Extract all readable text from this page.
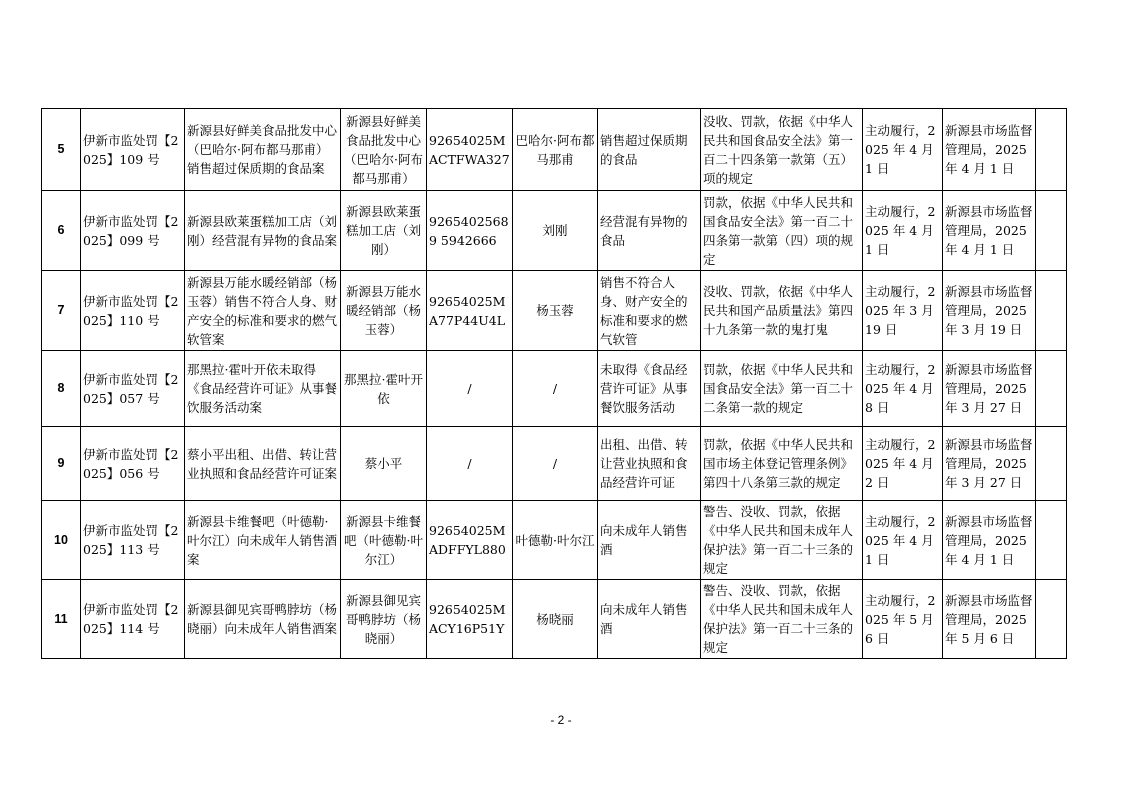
5	伊新市监处罚【2025】109 号	新源县好鲜美食品批发中心（巴哈尔·阿布都马那甫）销售超过保质期的食品案	新源县好鲜美食品批发中心（巴哈尔·阿布都马那甫）	92654025MACTFWA327	巴哈尔·阿布都马那甫	销售超过保质期的食品	没收、罚款，依据《中华人民共和国食品安全法》第一百二十四条第一款第（五）项的规定	主动履行，2025 年 4 月 1 日	新源县市场监督管理局，2025 年 4 月 1 日	
6	伊新市监处罚【2025】099 号	新源县欧莱蛋糕加工店（刘刚）经营混有异物的食品案	新源县欧莱蛋糕加工店（刘刚）	92654025689 5942666	刘刚	经营混有异物的食品	罚款，依据《中华人民共和国食品安全法》第一百二十四条第一款第（四）项的规定	主动履行，2025 年 4 月 1 日	新源县市场监督管理局，2025 年 4 月 1 日	
7	伊新市监处罚【2025】110 号	新源县万能水暖经销部（杨玉蓉）销售不符合人身、财产安全的标准和要求的燃气软管案	新源县万能水暖经销部（杨玉蓉）	92654025MA77P44U4L	杨玉蓉	销售不符合人身、财产安全的标准和要求的燃气软管	没收、罚款，依据《中华人民共和国产品质量法》第四十九条第一款的鬼打鬼	主动履行，2025 年 3 月 19 日	新源县市场监督管理局，2025 年 3 月 19 日	
8	伊新市监处罚【2025】057 号	那黑拉·霍叶开依未取得《食品经营许可证》从事餐饮服务活动案	那黑拉·霍叶开依	/	/	未取得《食品经营许可证》从事餐饮服务活动	罚款，依据《中华人民共和国食品安全法》第一百二十二条第一款的规定	主动履行，2025 年 4 月 8 日	新源县市场监督管理局，2025 年 3 月 27 日	
9	伊新市监处罚【2025】056 号	蔡小平出租、出借、转让营业执照和食品经营许可证案	蔡小平	/	/	出租、出借、转让营业执照和食品经营许可证	罚款，依据《中华人民共和国市场主体登记管理条例》第四十八条第三款的规定	主动履行，2025 年 4 月 2 日	新源县市场监督管理局，2025 年 3 月 27 日	
10	伊新市监处罚【2025】113 号	新源县卡维餐吧（叶德勒·叶尔江）向未成年人销售酒案	新源县卡维餐吧（叶德勒·叶尔江）	92654025MADFFYL880	叶德勒·叶尔江	向未成年人销售酒	警告、没收、罚款，依据《中华人民共和国未成年人保护法》第一百二十三条的规定	主动履行，2025 年 4 月 1 日	新源县市场监督管理局，2025 年 4 月 1 日	
11	伊新市监处罚【2025】114 号	新源县御见宾哥鸭脖坊（杨晓丽）向未成年人销售酒案	新源县御见宾哥鸭脖坊（杨晓丽）	92654025MACY16P51Y	杨晓丽	向未成年人销售酒	警告、没收、罚款，依据《中华人民共和国未成年人保护法》第一百二十三条的规定	主动履行，2025 年 5 月 6 日	新源县市场监督管理局，2025 年 5 月 6 日	
- 2 -
